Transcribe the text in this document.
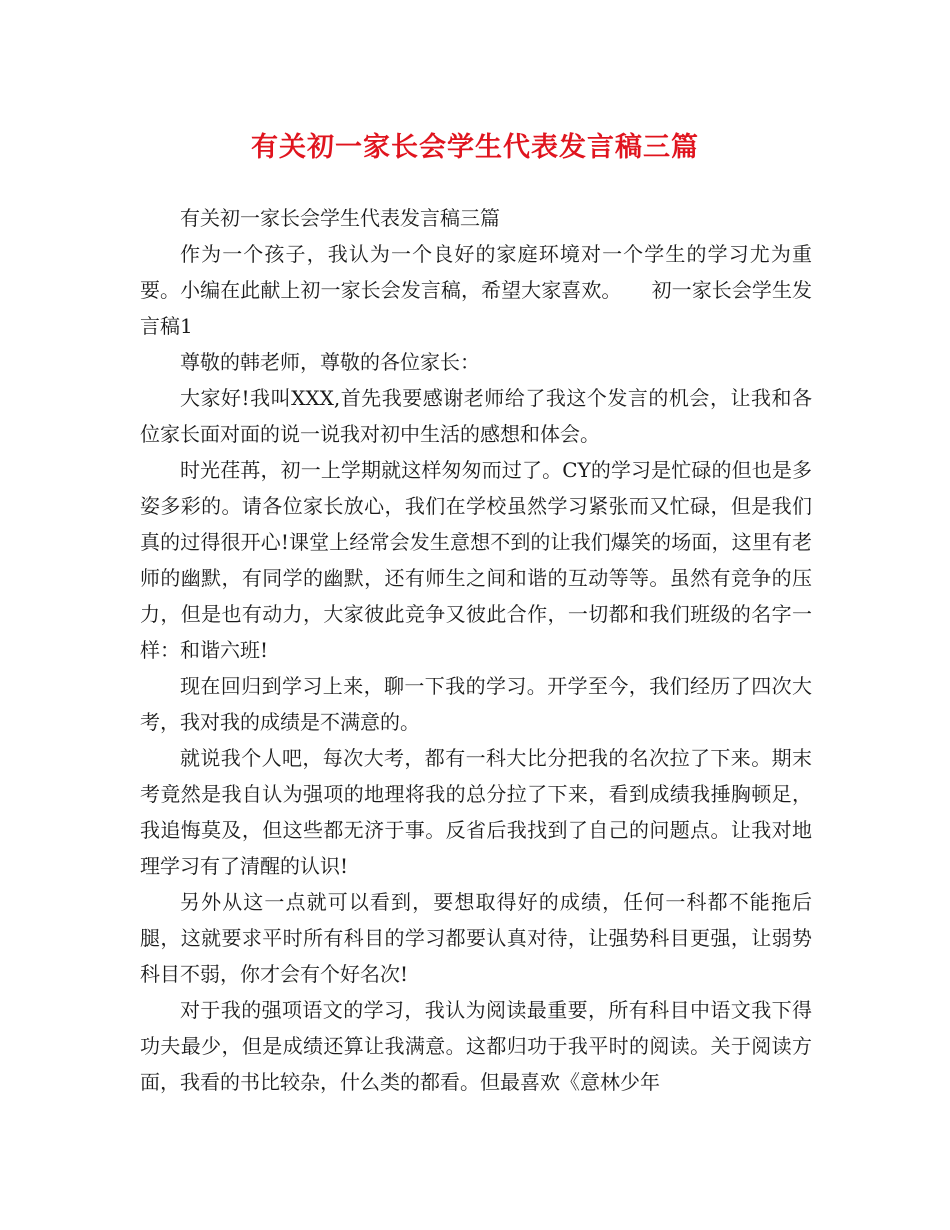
有关初一家长会学生代表发言稿三篇

有关初一家长会学生代表发言稿三篇

作为一个孩子，我认为一个良好的家庭环境对一个学生的学习尤为重要。小编在此献上初一家长会发言稿，希望大家喜欢。　　初一家长会学生发言稿1

尊敬的韩老师，尊敬的各位家长：

大家好!我叫XXX,首先我要感谢老师给了我这个发言的机会，让我和各位家长面对面的说一说我对初中生活的感想和体会。

时光荏苒，初一上学期就这样匆匆而过了。CY的学习是忙碌的但也是多姿多彩的。请各位家长放心，我们在学校虽然学习紧张而又忙碌，但是我们真的过得很开心!课堂上经常会发生意想不到的让我们爆笑的场面，这里有老师的幽默，有同学的幽默，还有师生之间和谐的互动等等。虽然有竞争的压力，但是也有动力，大家彼此竞争又彼此合作，一切都和我们班级的名字一样：和谐六班!

现在回归到学习上来，聊一下我的学习。开学至今，我们经历了四次大考，我对我的成绩是不满意的。

就说我个人吧，每次大考，都有一科大比分把我的名次拉了下来。期末考竟然是我自认为强项的地理将我的总分拉了下来，看到成绩我捶胸顿足，我追悔莫及，但这些都无济于事。反省后我找到了自己的问题点。让我对地理学习有了清醒的认识!

另外从这一点就可以看到，要想取得好的成绩，任何一科都不能拖后腿，这就要求平时所有科目的学习都要认真对待，让强势科目更强，让弱势科目不弱，你才会有个好名次!

对于我的强项语文的学习，我认为阅读最重要，所有科目中语文我下得功夫最少，但是成绩还算让我满意。这都归功于我平时的阅读。关于阅读方面，我看的书比较杂，什么类的都看。但最喜欢《意林少年
